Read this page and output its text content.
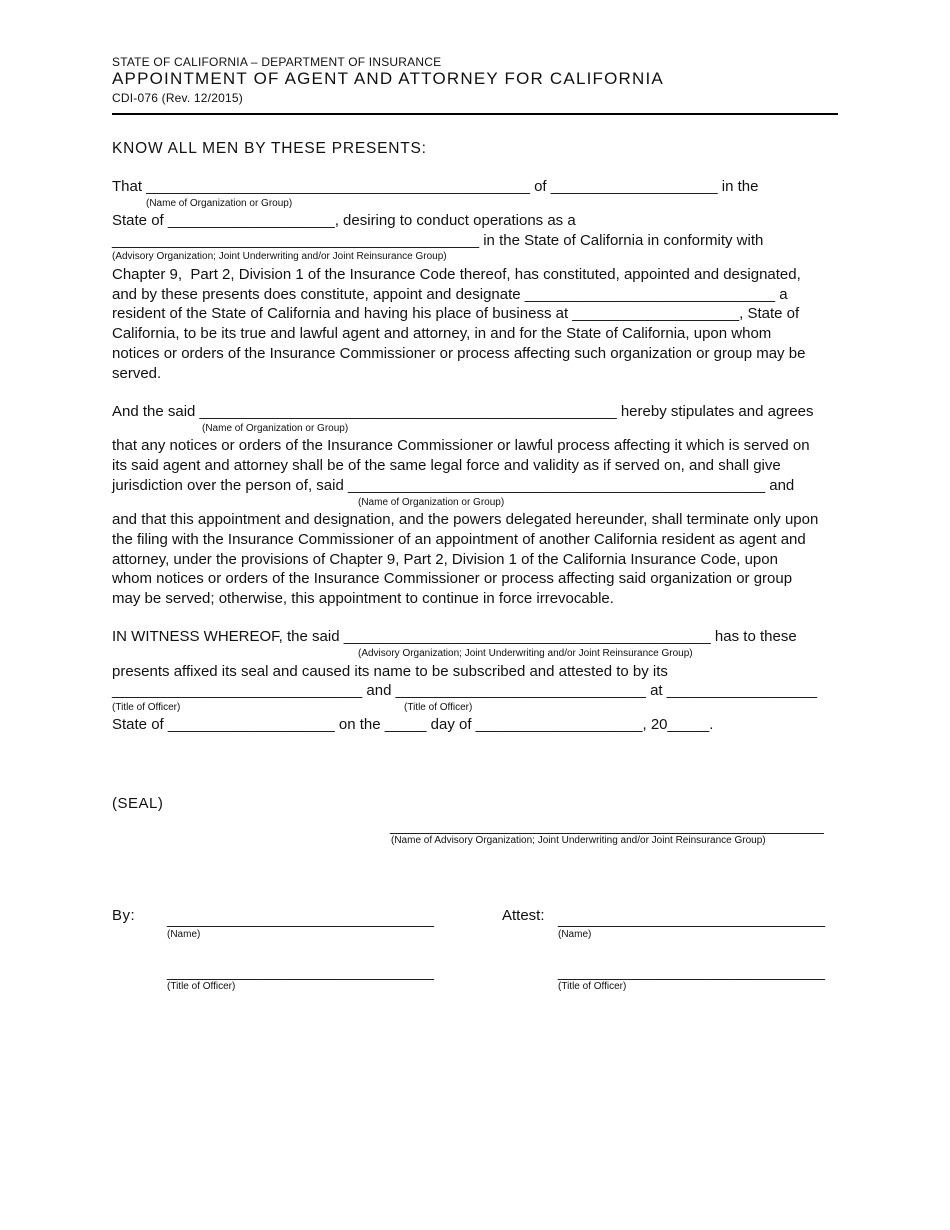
STATE OF CALIFORNIA – DEPARTMENT OF INSURANCE
APPOINTMENT OF AGENT AND ATTORNEY FOR CALIFORNIA
CDI-076 (Rev. 12/2015)
KNOW ALL MEN BY THESE PRESENTS:
That ______________________________________________ of ____________________ in the
(Name of Organization or Group)
State of ____________________, desiring to conduct operations as a
____________________________________________ in the State of California in conformity with
(Advisory Organization; Joint Underwriting and/or Joint Reinsurance Group)
Chapter 9,  Part 2, Division 1 of the Insurance Code thereof, has constituted, appointed and designated,
and by these presents does constitute, appoint and designate ______________________________ a
resident of the State of California and having his place of business at ____________________, State of
California, to be its true and lawful agent and attorney, in and for the State of California, upon whom
notices or orders of the Insurance Commissioner or process affecting such organization or group may be
served.
And the said __________________________________________________ hereby stipulates and agrees
(Name of Organization or Group)
that any notices or orders of the Insurance Commissioner or lawful process affecting it which is served on
its said agent and attorney shall be of the same legal force and validity as if served on, and shall give
jurisdiction over the person of, said __________________________________________________ and
(Name of Organization or Group)
and that this appointment and designation, and the powers delegated hereunder, shall terminate only upon
the filing with the Insurance Commissioner of an appointment of another California resident as agent and
attorney, under the provisions of Chapter 9, Part 2, Division 1 of the California Insurance Code, upon
whom notices or orders of the Insurance Commissioner or process affecting said organization or group
may be served; otherwise, this appointment to continue in force irrevocable.
IN WITNESS WHEREOF, the said ____________________________________________ has to these
(Advisory Organization; Joint Underwriting and/or Joint Reinsurance Group)
presents affixed its seal and caused its name to be subscribed and attested to by its
______________________________ and ______________________________ at __________________
(Title of Officer)	(Title of Officer)
State of ____________________ on the _____ day of ____________________, 20_____.
(SEAL)
____________________________________________________
(Name of Advisory Organization; Joint Underwriting and/or Joint Reinsurance Group)
By: ________________________________
(Name)
Attest: ________________________________
(Name)
________________________________
(Title of Officer)
________________________________
(Title of Officer)
